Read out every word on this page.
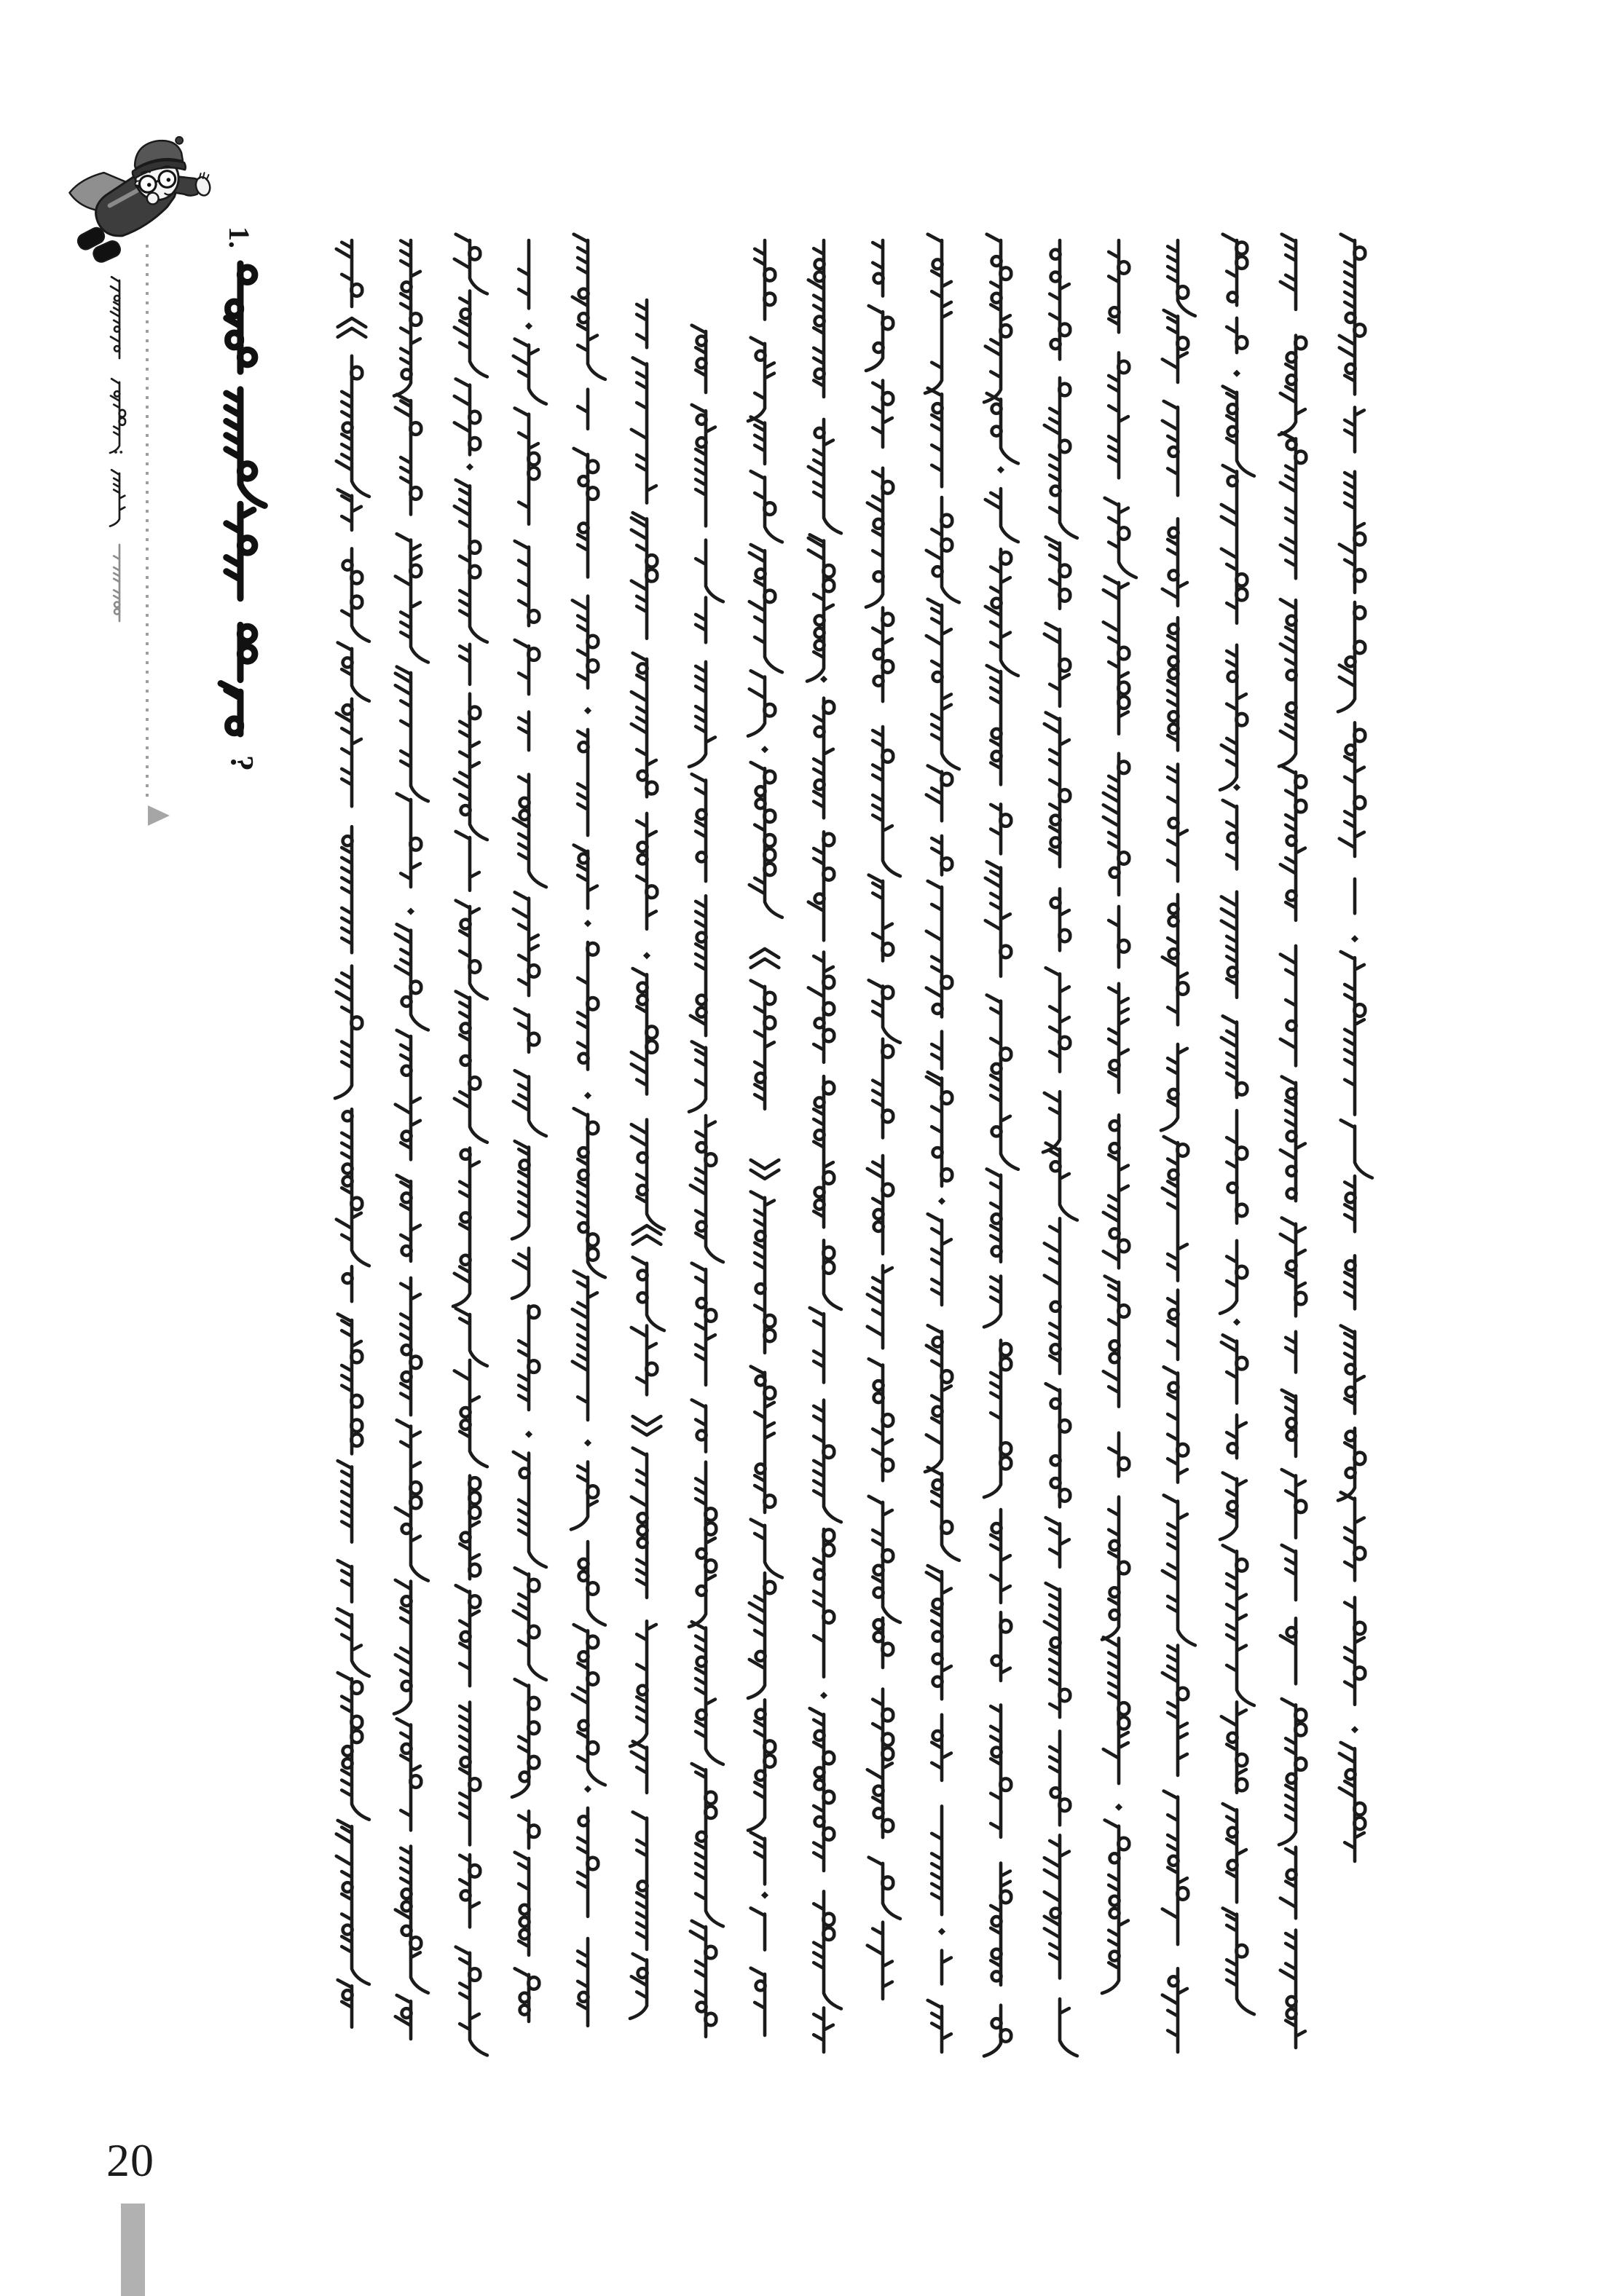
:
1.
?
20
